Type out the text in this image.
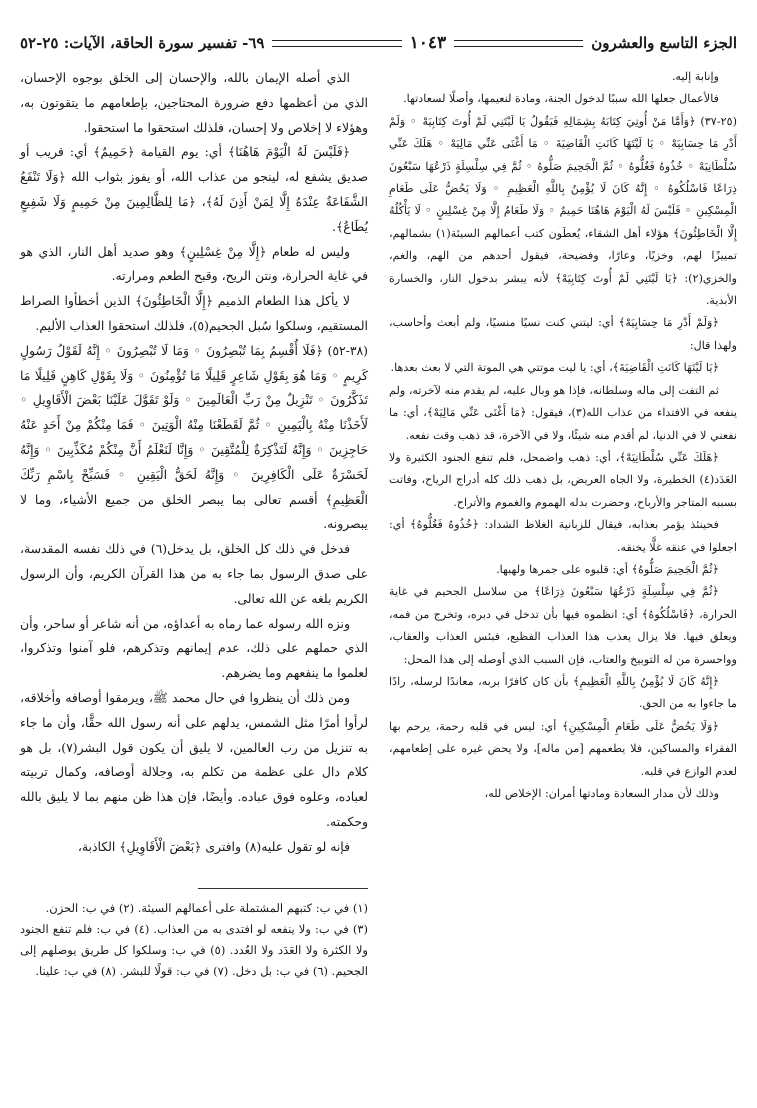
الجزء التاسع والعشرون
١٠٤٣
٦٩- تفسير سورة الحاقة، الآيات: ٢٥-٥٢

وإنابة إليه.

فالأعمال جعلها الله سببًا لدخول الجنة، ومادة لنعيمها، وأصلًا لسعادتها.

(٢٥-٣٧) ﴿وَأَمَّا مَنْ أُوتِيَ كِتَابَهُ بِشِمَالِهِ فَيَقُولُ يَا لَيْتَنِي لَمْ أُوتَ كِتَابِيَهْ ◦ وَلَمْ أَدْرِ مَا حِسَابِيَهْ ◦ يَا لَيْتَهَا كَانَتِ الْقَاضِيَةَ ◦ مَا أَغْنَى عَنِّي مَالِيَهْ ◦ هَلَكَ عَنِّي سُلْطَانِيَهْ ◦ خُذُوهُ فَغُلُّوهُ ◦ ثُمَّ الْجَحِيمَ صَلُّوهُ ◦ ثُمَّ فِي سِلْسِلَةٍ ذَرْعُهَا سَبْعُونَ ذِرَاعًا فَاسْلُكُوهُ ◦ إِنَّهُ كَانَ لَا يُؤْمِنُ بِاللَّهِ الْعَظِيمِ ◦ وَلَا يَحُضُّ عَلَى طَعَامِ الْمِسْكِينِ ◦ فَلَيْسَ لَهُ الْيَوْمَ هَاهُنَا حَمِيمٌ ◦ وَلَا طَعَامٌ إِلَّا مِنْ غِسْلِينٍ ◦ لَا يَأْكُلُهُ إِلَّا الْخَاطِئُونَ﴾ هؤلاء أهل الشقاء، يُعطَون كتب أعمالهم السيئة(١) بشمالهم، تمييزًا لهم، وخزيًا، وعارًا، وفضيحة، فيقول أحدهم من الهم، والغم، والخزي(٢): ﴿يَا لَيْتَنِي لَمْ أُوتَ كِتَابِيَهْ﴾ لأنه يبشر بدخول النار، والخسارة الأبدية.

﴿وَلَمْ أَدْرِ مَا حِسَابِيَهْ﴾ أي: ليتني كنت نسيًا منسيًا، ولم أبعث وأحاسب، ولهذا قال:

﴿يَا لَيْتَهَا كَانَتِ الْقَاضِيَةَ﴾، أي: يا ليت موتتي هي الموتة التي لا بعث بعدها.

ثم التفت إلى ماله وسلطانه، فإذا هو وبال عليه، لم يقدم منه لآخرته، ولم ينفعه في الافتداء من عذاب الله(٣)، فيقول: ﴿مَا أَغْنَى عَنِّي مَالِيَهْ﴾، أي: ما نفعني لا في الدنيا، لم أقدم منه شيئًا، ولا في الآخرة، قد ذهب وقت نفعه.

﴿هَلَكَ عَنِّي سُلْطَانِيَهْ﴾، أي: ذهب واضمحل، فلم تنفع الجنود الكثيرة ولا العَدَد(٤) الخطيرة، ولا الجاه العريض، بل ذهب ذلك كله أدراج الرياح، وفاتت بسببه المتاجر والأرباح، وحضرت بدله الهموم والغموم والأتراح.

فحينئذ يؤمر بعذابه، فيقال للزبانية الغلاظ الشداد: ﴿خُذُوهُ فَغُلُّوهُ﴾ أي: اجعلوا في عنقه غلًّا يخنقه.

﴿ثُمَّ الْجَحِيمَ صَلُّوهُ﴾ أي: قلبوه على جمرها ولهبها.

﴿ثُمَّ فِي سِلْسِلَةٍ ذَرْعُهَا سَبْعُونَ ذِرَاعًا﴾ من سلاسل الجحيم في غاية الحرارة، ﴿فَاسْلُكُوهُ﴾ أي: انظموه فيها بأن تدخل في دبره، وتخرج من فمه، ويعلق فيها. فلا يزال يعذب هذا العذاب الفظيع، فبئس العذاب والعقاب، وواحسرة من له التوبيخ والعتاب، فإن السبب الذي أوصله إلى هذا المحل:

﴿إِنَّهُ كَانَ لَا يُؤْمِنُ بِاللَّهِ الْعَظِيمِ﴾ بأن كان كافرًا بربه، معاندًا لرسله، رادًا ما جاءوا به من الحق.

﴿وَلَا يَحُضُّ عَلَى طَعَامِ الْمِسْكِينِ﴾ أي: ليس في قلبه رحمة، يرحم بها الفقراء والمساكين، فلا يطعمهم [من ماله]، ولا يحض غيره على إطعامهم، لعدم الوازع في قلبه.

وذلك لأن مدار السعادة ومادتها أمران: الإخلاص لله،

الذي أصله الإيمان بالله، والإحسان إلى الخلق بوجوه الإحسان، الذي من أعظمها دفع ضرورة المحتاجين، بإطعامهم ما يتقوتون به، وهؤلاء لا إخلاص ولا إحسان، فلذلك استحقوا ما استحقوا.

﴿فَلَيْسَ لَهُ الْيَوْمَ هَاهُنَا﴾ أي: يوم القيامة ﴿حَمِيمٌ﴾ أي: قريب أو صديق يشفع له، لينجو من عذاب الله، أو يفوز بثواب الله ﴿وَلَا تَنْفَعُ الشَّفَاعَةُ عِنْدَهُ إِلَّا لِمَنْ أَذِنَ لَهُ﴾، ﴿مَا لِلظَّالِمِينَ مِنْ حَمِيمٍ وَلَا شَفِيعٍ يُطَاعُ﴾.

وليس له طعام ﴿إِلَّا مِنْ غِسْلِينٍ﴾ وهو صديد أهل النار، الذي هو في غاية الحرارة، ونتن الريح، وقبح الطعم ومرارته.

لا يأكل هذا الطعام الذميم ﴿إِلَّا الْخَاطِئُونَ﴾ الذين أخطأوا الصراط المستقيم، وسلكوا سُبل الجحيم(٥)، فلذلك استحقوا العذاب الأليم.

(٣٨-٥٢) ﴿فَلَا أُقْسِمُ بِمَا تُبْصِرُونَ ◦ وَمَا لَا تُبْصِرُونَ ◦ إِنَّهُ لَقَوْلُ رَسُولٍ كَرِيمٍ ◦ وَمَا هُوَ بِقَوْلِ شَاعِرٍ قَلِيلًا مَا تُؤْمِنُونَ ◦ وَلَا بِقَوْلِ كَاهِنٍ قَلِيلًا مَا تَذَكَّرُونَ ◦ تَنْزِيلٌ مِنْ رَبِّ الْعَالَمِينَ ◦ وَلَوْ تَقَوَّلَ عَلَيْنَا بَعْضَ الْأَقَاوِيلِ ◦ لَأَخَذْنَا مِنْهُ بِالْيَمِينِ ◦ ثُمَّ لَقَطَعْنَا مِنْهُ الْوَتِينَ ◦ فَمَا مِنْكُمْ مِنْ أَحَدٍ عَنْهُ حَاجِزِينَ ◦ وَإِنَّهُ لَتَذْكِرَةٌ لِلْمُتَّقِينَ ◦ وَإِنَّا لَنَعْلَمُ أَنَّ مِنْكُمْ مُكَذِّبِينَ ◦ وَإِنَّهُ لَحَسْرَةٌ عَلَى الْكَافِرِينَ ◦ وَإِنَّهُ لَحَقُّ الْيَقِينِ ◦ فَسَبِّحْ بِاسْمِ رَبِّكَ الْعَظِيمِ﴾ أقسم تعالى بما يبصر الخلق من جميع الأشياء، وما لا يبصرونه.

فدخل في ذلك كل الخلق، بل يدخل(٦) في ذلك نفسه المقدسة، على صدق الرسول بما جاء به من هذا القرآن الكريم، وأن الرسول الكريم بلغه عن الله تعالى.

ونزه الله رسوله عما رماه به أعداؤه، من أنه شاعر أو ساحر، وأن الذي حملهم على ذلك، عدم إيمانهم وتذكرهم، فلو آمنوا وتذكروا، لعلموا ما ينفعهم وما يضرهم.

ومن ذلك أن ينظروا في حال محمد ﷺ، ويرمقوا أوصافه وأخلاقه، لرأوا أمرًا مثل الشمس، يدلهم على أنه رسول الله حقًّا، وأن ما جاء به تنزيل من رب العالمين، لا يليق أن يكون قول البشر(٧)، بل هو كلام دال على عظمة من تكلم به، وجلالة أوصافه، وكمال تربيته لعباده، وعلوه فوق عباده. وأيضًا، فإن هذا ظن منهم بما لا يليق بالله وحكمته.

فإنه لو تقول عليه(٨) وافترى ﴿بَعْضَ الْأَقَاوِيلِ﴾ الكاذبة،

(١) في ب: كتبهم المشتملة على أعمالهم السيئة. (٢) في ب: الحزن.

(٣) في ب: ولا ينفعه لو افتدى به من العذاب. (٤) في ب: فلم تنفع الجنود ولا الكثرة ولا العَدَد ولا العُدد. (٥) في ب: وسلكوا كل طريق يوصلهم إلى الجحيم. (٦) في ب: بل دخل. (٧) في ب: قولًا للبشر. (٨) في ب: علينا.
